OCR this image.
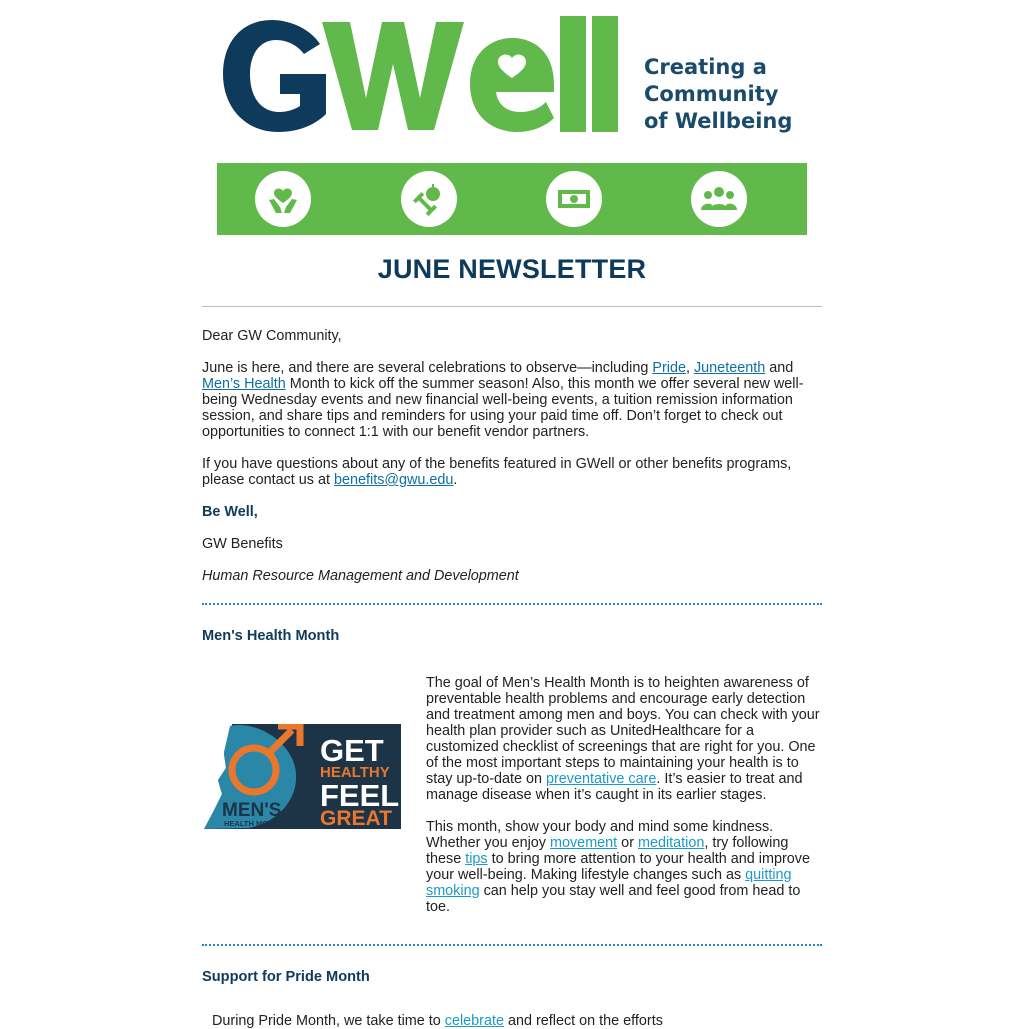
Creating a
Community
of Wellbeing
JUNE NEWSLETTER
Dear GW Community,
June is here, and there are several celebrations to observe—including Pride, Juneteenth and Men’s Health Month to kick off the summer season! Also, this month we offer several new well-being Wednesday events and new financial well-being events, a tuition remission information session, and share tips and reminders for using your paid time off. Don’t forget to check out opportunities to connect 1:1 with our benefit vendor partners.
If you have questions about any of the benefits featured in GWell or other benefits programs, please contact us at benefits@gwu.edu.
Be Well,
GW Benefits
Human Resource Management and Development
Men's Health Month
GET
HEALTHY
FEEL
GREAT
MEN'S
HEALTH MONTH
The goal of Men’s Health Month is to heighten awareness of preventable health problems and encourage early detection and treatment among men and boys. You can check with your health plan provider such as UnitedHealthcare for a customized checklist of screenings that are right for you. One of the most important steps to maintaining your health is to stay up-to-date on preventative care. It’s easier to treat and manage disease when it’s caught in its earlier stages.
This month, show your body and mind some kindness. Whether you enjoy movement or meditation, try following these tips to bring more attention to your health and improve your well-being. Making lifestyle changes such as quitting smoking can help you stay well and feel good from head to toe.
Support for Pride Month
During Pride Month, we take time to celebrate and reflect on the efforts
